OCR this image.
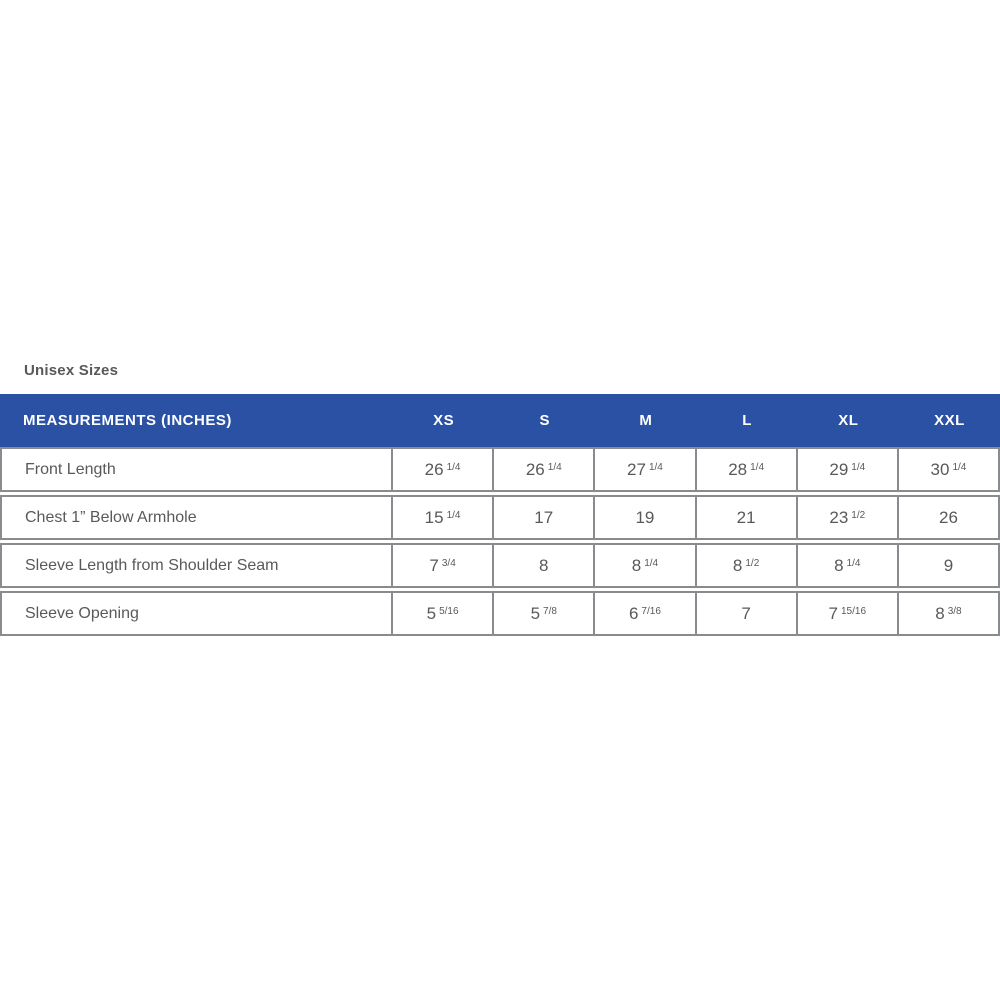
Unisex Sizes
MEASUREMENTS (INCHES)	XS	S	M	L	XL	XXL
Front Length	26 1/4	26 1/4	27 1/4	28 1/4	29 1/4	30 1/4
Chest 1” Below Armhole	15 1/4	17	19	21	23 1/2	26
Sleeve Length from Shoulder Seam	7 3/4	8	8 1/4	8 1/2	8 1/4	9
Sleeve Opening	5 5/16	5 7/8	6 7/16	7	7 15/16	8 3/8
